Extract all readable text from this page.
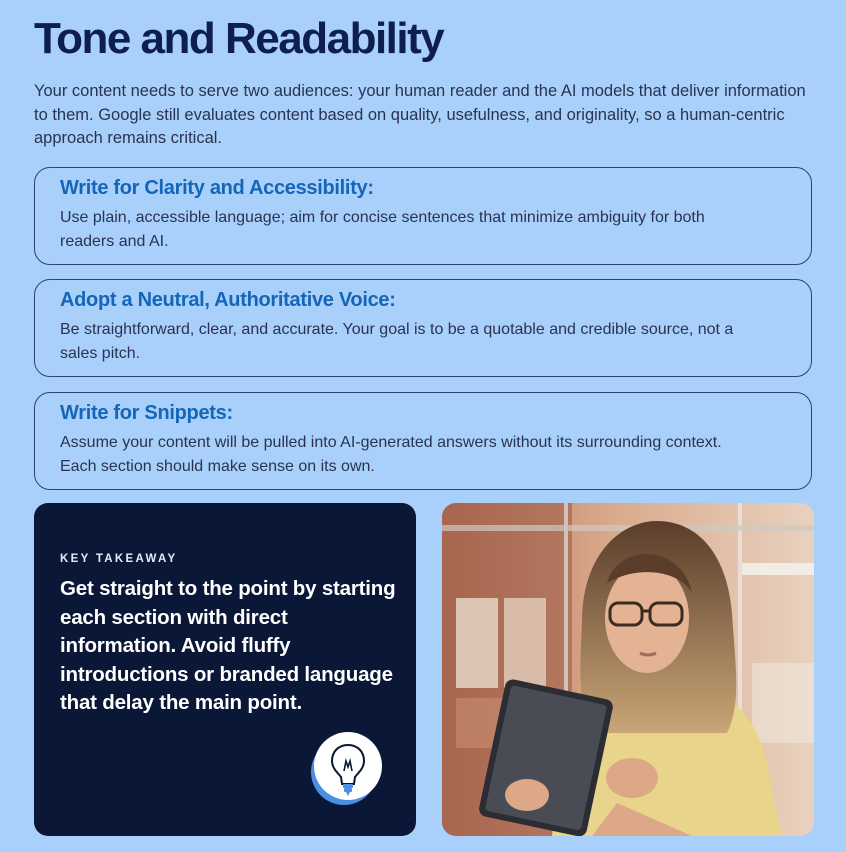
Tone and Readability

Your content needs to serve two audiences: your human reader and the AI models that deliver information to them. Google still evaluates content based on quality, usefulness, and originality, so a human-centric approach remains critical.

Write for Clarity and Accessibility:

Use plain, accessible language; aim for concise sentences that minimize ambiguity for both readers and AI.

Adopt a Neutral, Authoritative Voice:

Be straightforward, clear, and accurate. Your goal is to be a quotable and credible source, not a sales pitch.

Write for Snippets:

Assume your content will be pulled into AI-generated answers without its surrounding context. Each section should make sense on its own.

KEY TAKEAWAY

Get straight to the point by starting each section with direct information. Avoid fluffy introductions or branded language that delay the main point.
